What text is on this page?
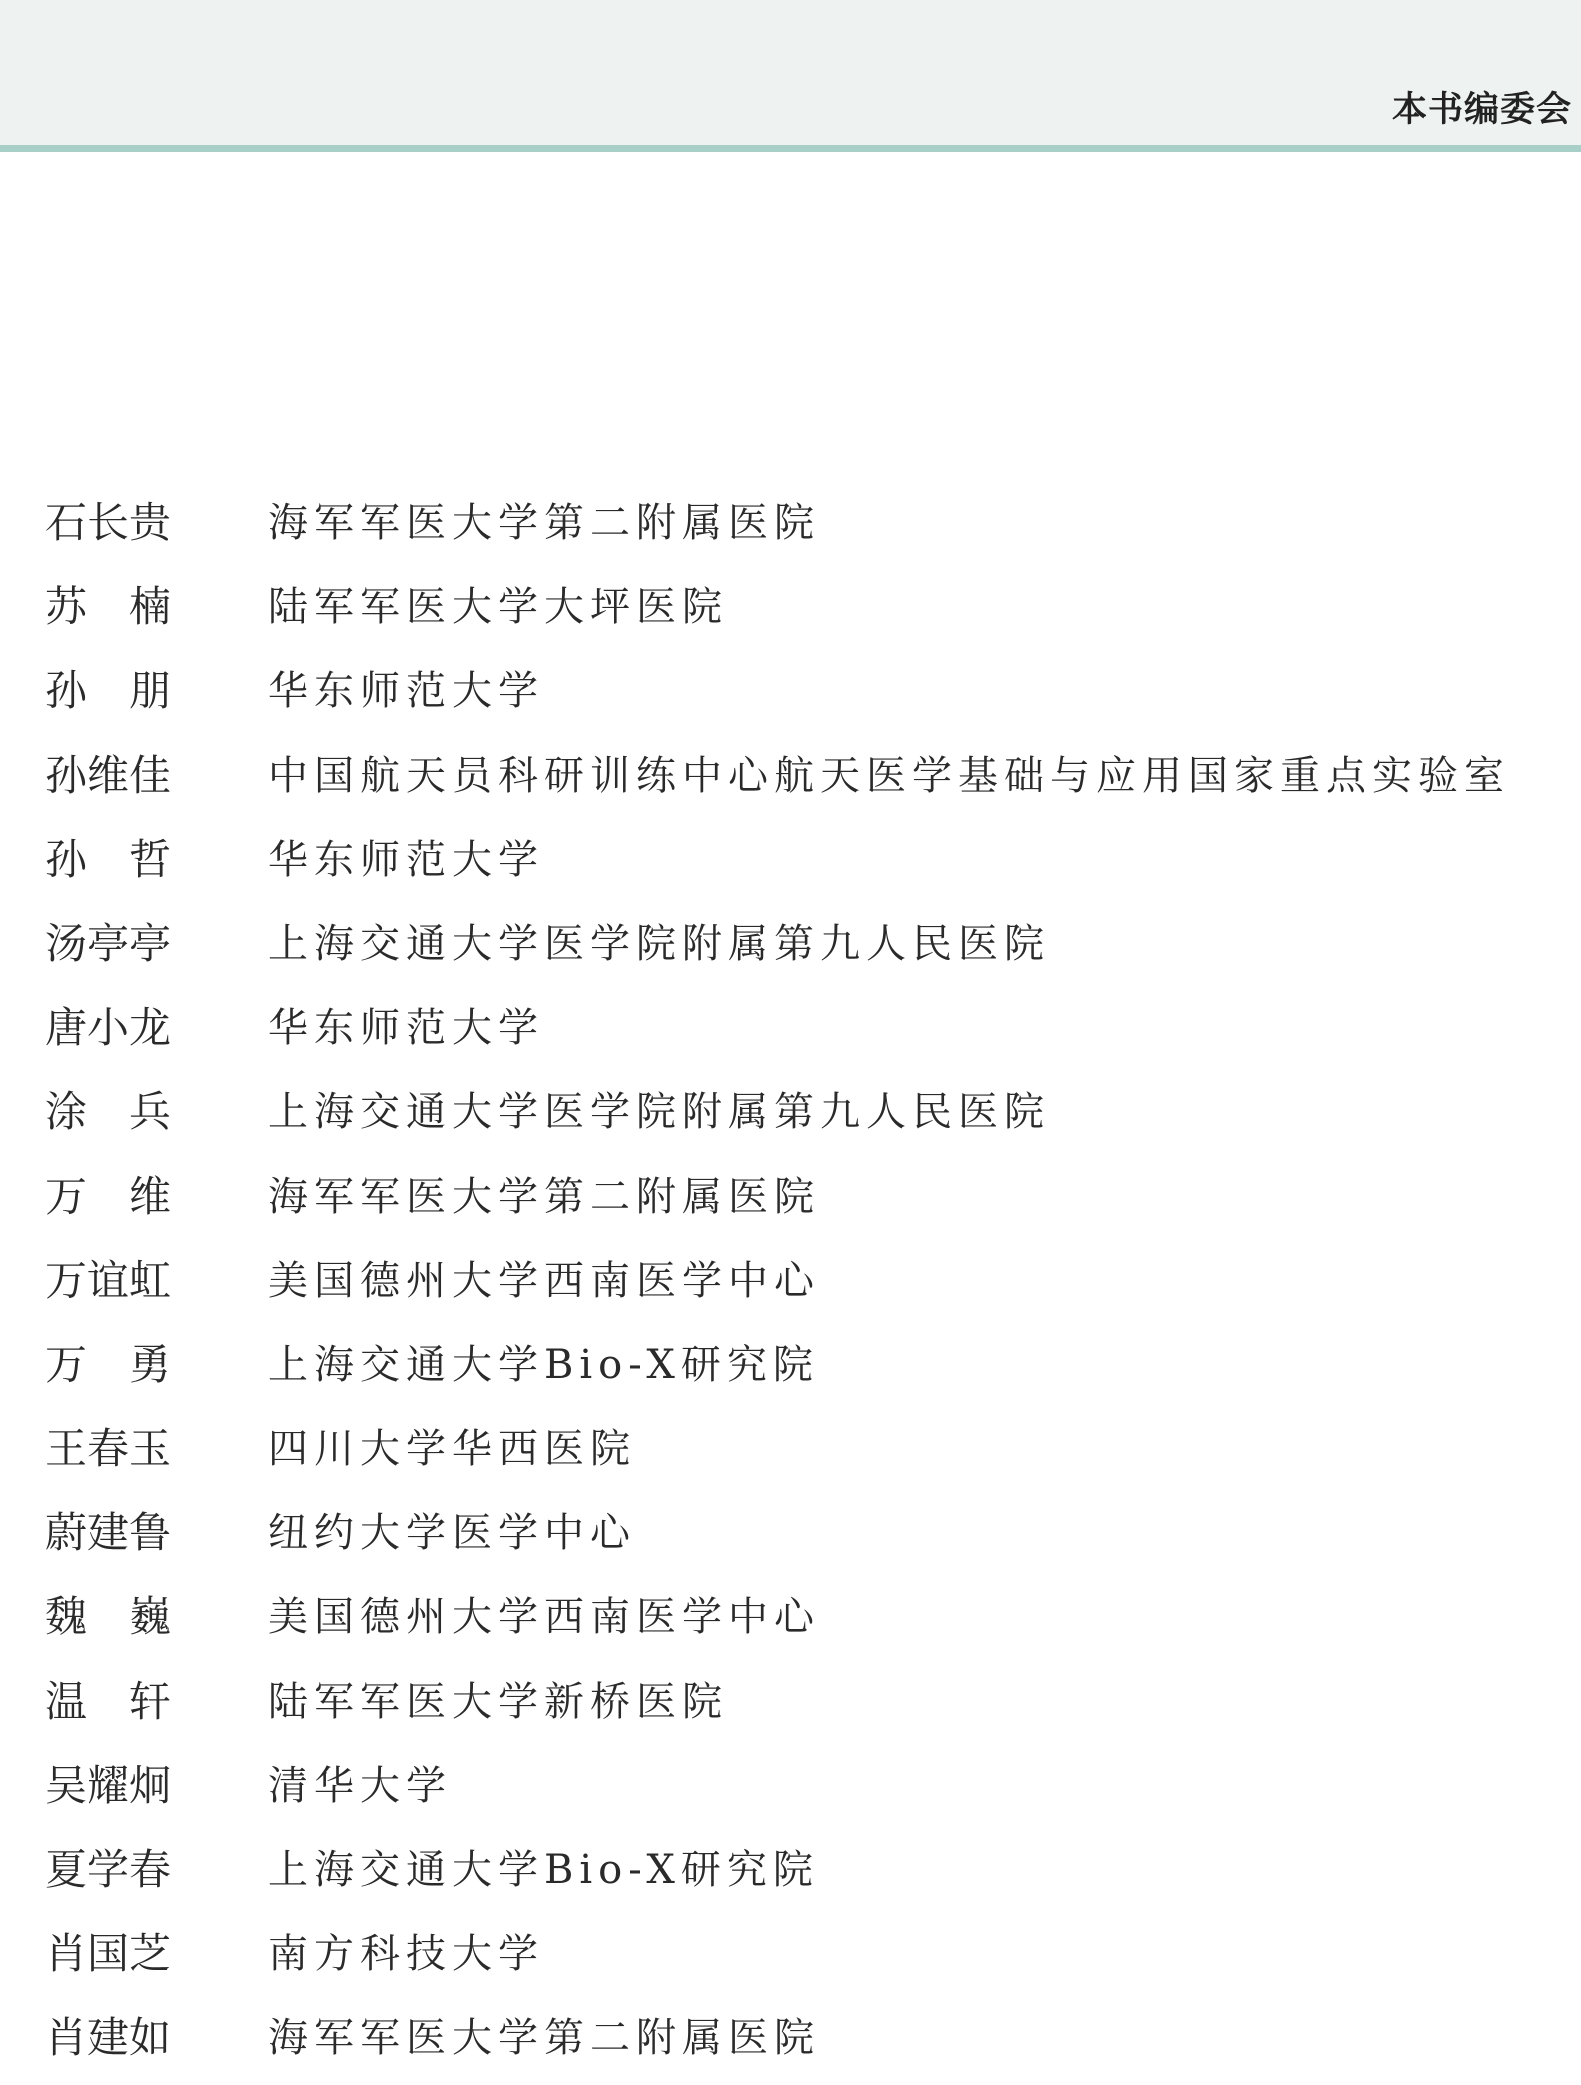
本书编委会
石长贵 海军军医大学第二附属医院
苏　楠 陆军军医大学大坪医院
孙　朋 华东师范大学
孙维佳 中国航天员科研训练中心航天医学基础与应用国家重点实验室
孙　哲 华东师范大学
汤亭亭 上海交通大学医学院附属第九人民医院
唐小龙 华东师范大学
涂　兵 上海交通大学医学院附属第九人民医院
万　维 海军军医大学第二附属医院
万谊虹 美国德州大学西南医学中心
万　勇 上海交通大学Bio-X研究院
王春玉 四川大学华西医院
蔚建鲁 纽约大学医学中心
魏　巍 美国德州大学西南医学中心
温　轩 陆军军医大学新桥医院
吴耀炯 清华大学
夏学春 上海交通大学Bio-X研究院
肖国芝 南方科技大学
肖建如 海军军医大学第二附属医院
